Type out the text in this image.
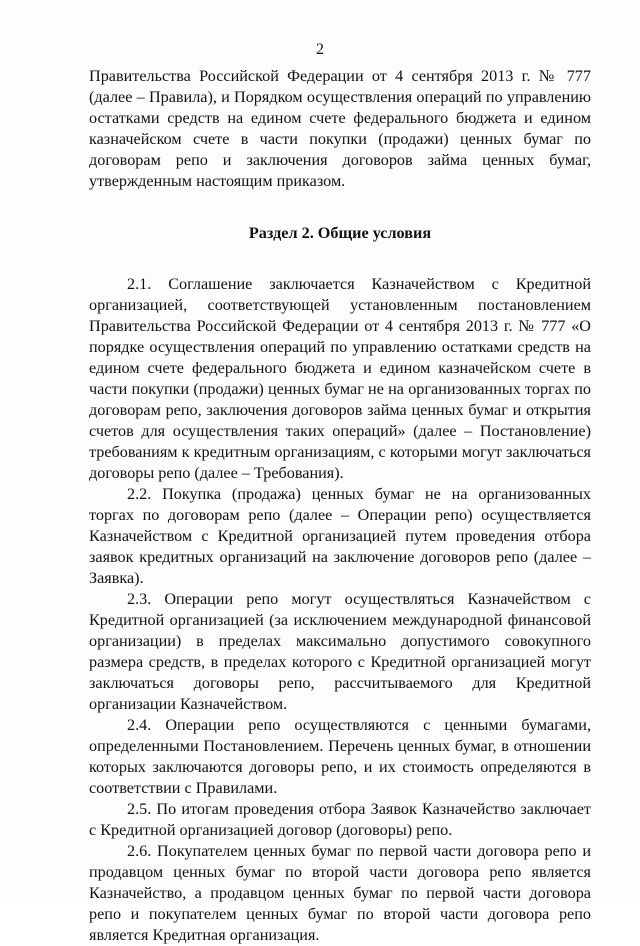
2

Правительства Российской Федерации от 4 сентября 2013 г. № 777 (далее – Правила), и Порядком осуществления операций по управлению остатками средств на едином счете федерального бюджета и едином казначейском счете в части покупки (продажи) ценных бумаг по договорам репо и заключения договоров займа ценных бумаг, утвержденным настоящим приказом.

Раздел 2. Общие условия

2.1. Соглашение заключается Казначейством с Кредитной организацией, соответствующей установленным постановлением Правительства Российской Федерации от 4 сентября 2013 г. № 777 «О порядке осуществления операций по управлению остатками средств на едином счете федерального бюджета и едином казначейском счете в части покупки (продажи) ценных бумаг не на организованных торгах по договорам репо, заключения договоров займа ценных бумаг и открытия счетов для осуществления таких операций» (далее – Постановление) требованиям к кредитным организациям, с которыми могут заключаться договоры репо (далее – Требования).

2.2. Покупка (продажа) ценных бумаг не на организованных торгах по договорам репо (далее – Операции репо) осуществляется Казначейством с Кредитной организацией путем проведения отбора заявок кредитных организаций на заключение договоров репо (далее – Заявка).

2.3. Операции репо могут осуществляться Казначейством с Кредитной организацией (за исключением международной финансовой организации) в пределах максимально допустимого совокупного размера средств, в пределах которого с Кредитной организацией могут заключаться договоры репо, рассчитываемого для Кредитной организации Казначейством.

2.4. Операции репо осуществляются с ценными бумагами, определенными Постановлением. Перечень ценных бумаг, в отношении которых заключаются договоры репо, и их стоимость определяются в соответствии с Правилами.

2.5. По итогам проведения отбора Заявок Казначейство заключает с Кредитной организацией договор (договоры) репо.

2.6. Покупателем ценных бумаг по первой части договора репо и продавцом ценных бумаг по второй части договора репо является Казначейство, а продавцом ценных бумаг по первой части договора репо и покупателем ценных бумаг по второй части договора репо является Кредитная организация.
